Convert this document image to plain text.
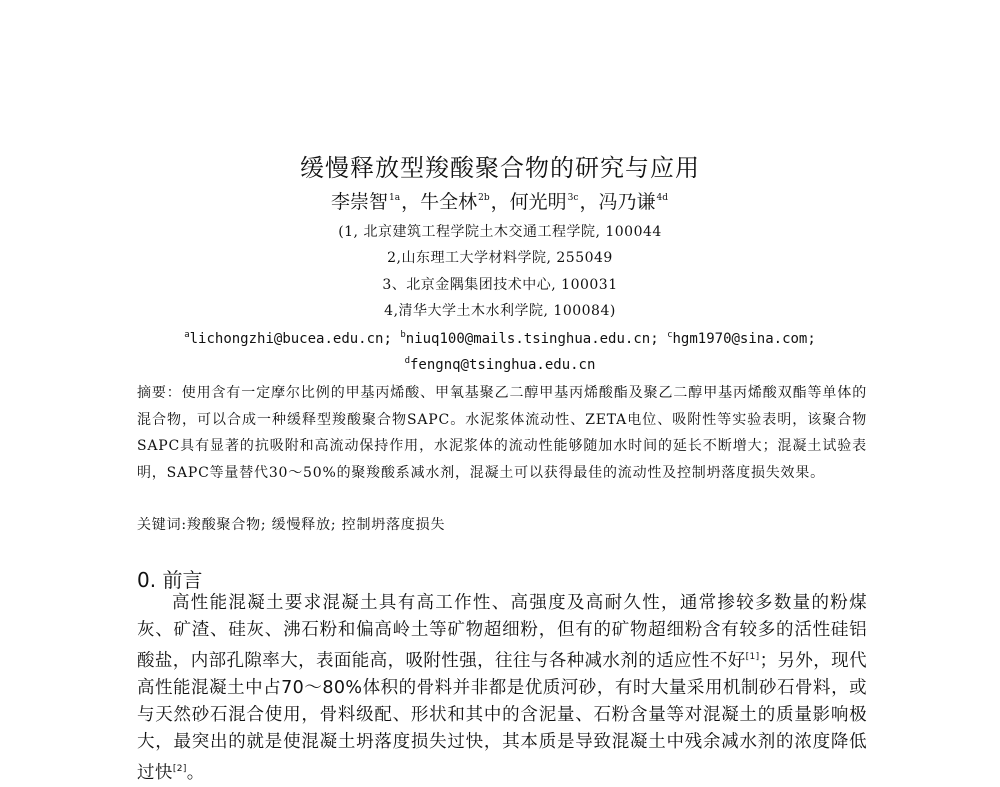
缓慢释放型羧酸聚合物的研究与应用
李崇智$^{1a}$，牛全林$^{2b}$，何光明$^{3c}$，冯乃谦$^{4d}$
(1, 北京建筑工程学院土木交通工程学院, 100044
2,山东理工大学材料学院, 255049
3、北京金隅集团技术中心, 100031
4,清华大学土木水利学院, 100084)
$^a$lichongzhi@bucea.edu.cn; $^b$niuq100@mails.tsinghua.edu.cn; $^c$hgm1970@sina.com;
$^d$fengnq@tsinghua.edu.cn
摘要：使用含有一定摩尔比例的甲基丙烯酸、甲氧基聚乙二醇甲基丙烯酸酯及聚乙二醇甲基丙烯酸双酯等单体的混合物，可以合成一种缓释型羧酸聚合物SAPC。水泥浆体流动性、ZETA电位、吸附性等实验表明，该聚合物SAPC具有显著的抗吸附和高流动保持作用，水泥浆体的流动性能够随加水时间的延长不断增大；混凝土试验表明，SAPC等量替代30～50%的聚羧酸系减水剂，混凝土可以获得最佳的流动性及控制坍落度损失效果。
关键词:羧酸聚合物; 缓慢释放; 控制坍落度损失
0. 前言
高性能混凝土要求混凝土具有高工作性、高强度及高耐久性，通常掺较多数量的粉煤灰、矿渣、硅灰、沸石粉和偏高岭土等矿物超细粉，但有的矿物超细粉含有较多的活性硅铝酸盐，内部孔隙率大，表面能高，吸附性强，往往与各种减水剂的适应性不好[1]；另外，现代高性能混凝土中占70～80%体积的骨料并非都是优质河砂，有时大量采用机制砂石骨料，或与天然砂石混合使用，骨料级配、形状和其中的含泥量、石粉含量等对混凝土的质量影响极大，最突出的就是使混凝土坍落度损失过快，其本质是导致混凝土中残余减水剂的浓度降低过快[2]。
